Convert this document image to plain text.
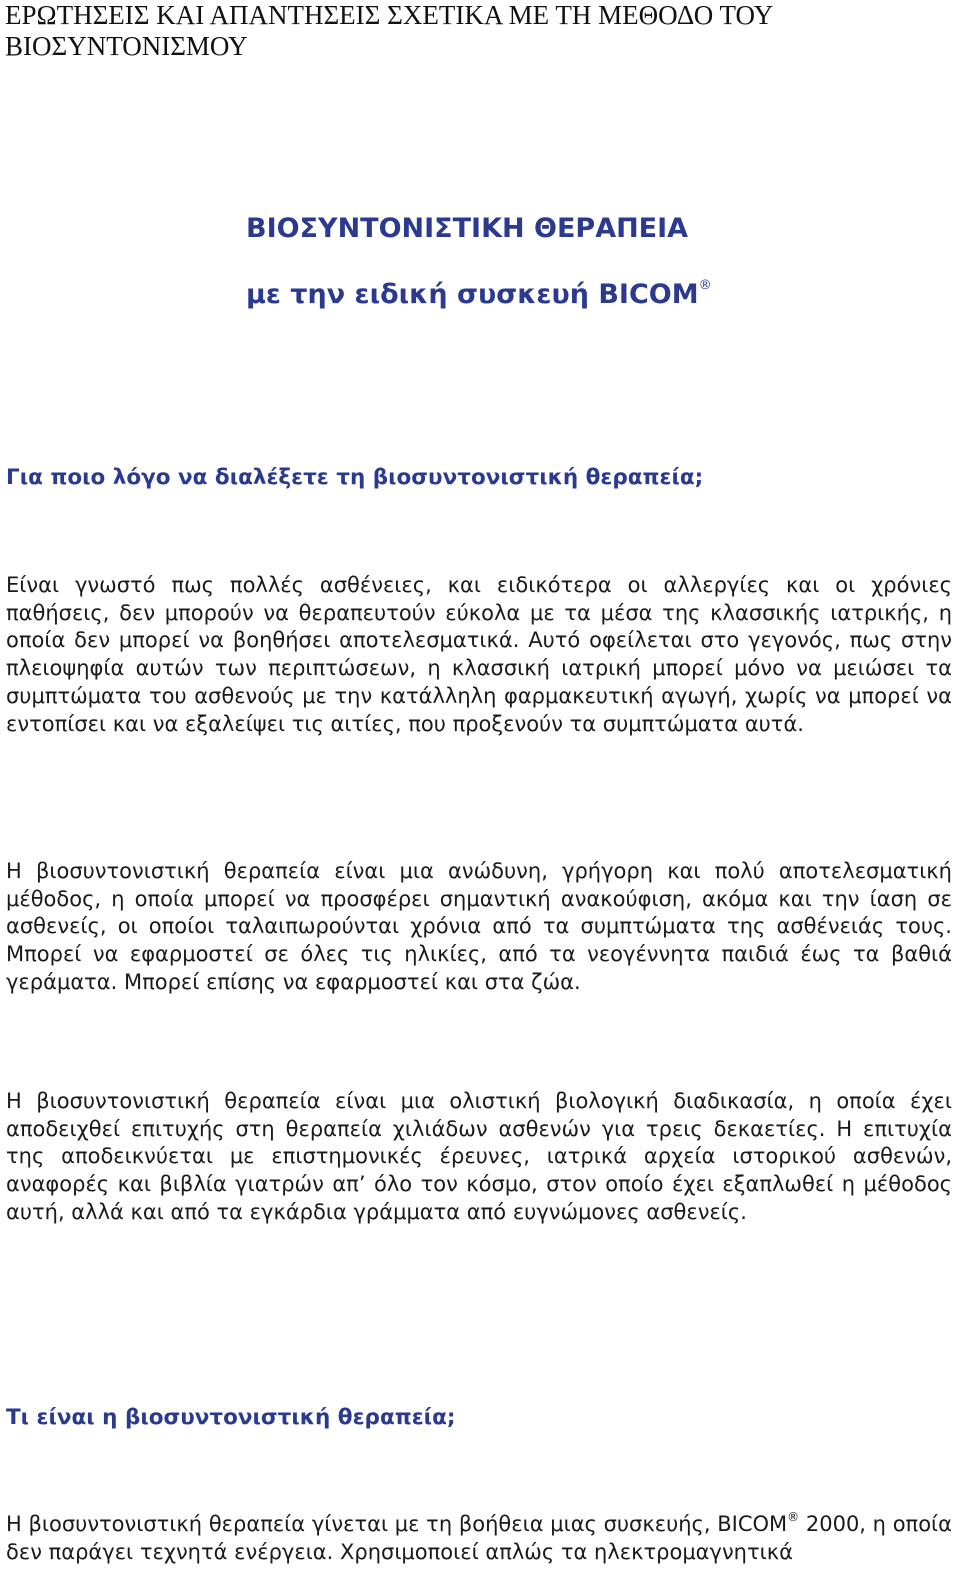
ΕΡΩΤΗΣΕΙΣ ΚΑΙ ΑΠΑΝΤΗΣΕΙΣ ΣΧΕΤΙΚΑ ΜΕ ΤΗ ΜΕΘΟΔΟ ΤΟΥ ΒΙΟΣΥΝΤΟΝΙΣΜΟΥ
ΒΙΟΣΥΝΤΟΝΙΣΤΙΚΗ ΘΕΡΑΠΕΙΑ
με την ειδική συσκευή BICOM®
Για ποιο λόγο να διαλέξετε τη βιοσυντονιστική θεραπεία;

Είναι γνωστό πως πολλές ασθένειες, και ειδικότερα οι αλλεργίες και οι χρόνιες παθήσεις, δεν μπορούν να θεραπευτούν εύκολα με τα μέσα της κλασσικής ιατρικής, η οποία δεν μπορεί να βοηθήσει αποτελεσματικά. Αυτό οφείλεται στο γεγονός, πως στην πλειοψηφία αυτών των περιπτώσεων, η κλασσική ιατρική μπορεί μόνο να μειώσει τα συμπτώματα του ασθενούς με την κατάλληλη φαρμακευτική αγωγή, χωρίς να μπορεί να εντοπίσει και να εξαλείψει τις αιτίες, που προξενούν τα συμπτώματα αυτά.

Η βιοσυντονιστική θεραπεία είναι μια ανώδυνη, γρήγορη και πολύ αποτελεσματική μέθοδος, η οποία μπορεί να προσφέρει σημαντική ανακούφιση, ακόμα και την ίαση σε ασθενείς, οι οποίοι ταλαιπωρούνται χρόνια από τα συμπτώματα της ασθένειάς τους. Μπορεί να εφαρμοστεί σε όλες τις ηλικίες, από τα νεογέννητα παιδιά έως τα βαθιά γεράματα. Μπορεί επίσης να εφαρμοστεί και στα ζώα.

Η βιοσυντονιστική θεραπεία είναι μια ολιστική βιολογική διαδικασία, η οποία έχει αποδειχθεί επιτυχής στη θεραπεία χιλιάδων ασθενών για τρεις δεκαετίες. Η επιτυχία της αποδεικνύεται με επιστημονικές έρευνες, ιατρικά αρχεία ιστορικού ασθενών, αναφορές και βιβλία γιατρών απ’ όλο τον κόσμο, στον οποίο έχει εξαπλωθεί η μέθοδος αυτή, αλλά και από τα εγκάρδια γράμματα από ευγνώμονες ασθενείς.

Τι είναι η βιοσυντονιστική θεραπεία;

Η βιοσυντονιστική θεραπεία γίνεται με τη βοήθεια μιας συσκευής, BICOM® 2000, η οποία δεν παράγει τεχνητά ενέργεια. Χρησιμοποιεί απλώς τα ηλεκτρομαγνητικά
